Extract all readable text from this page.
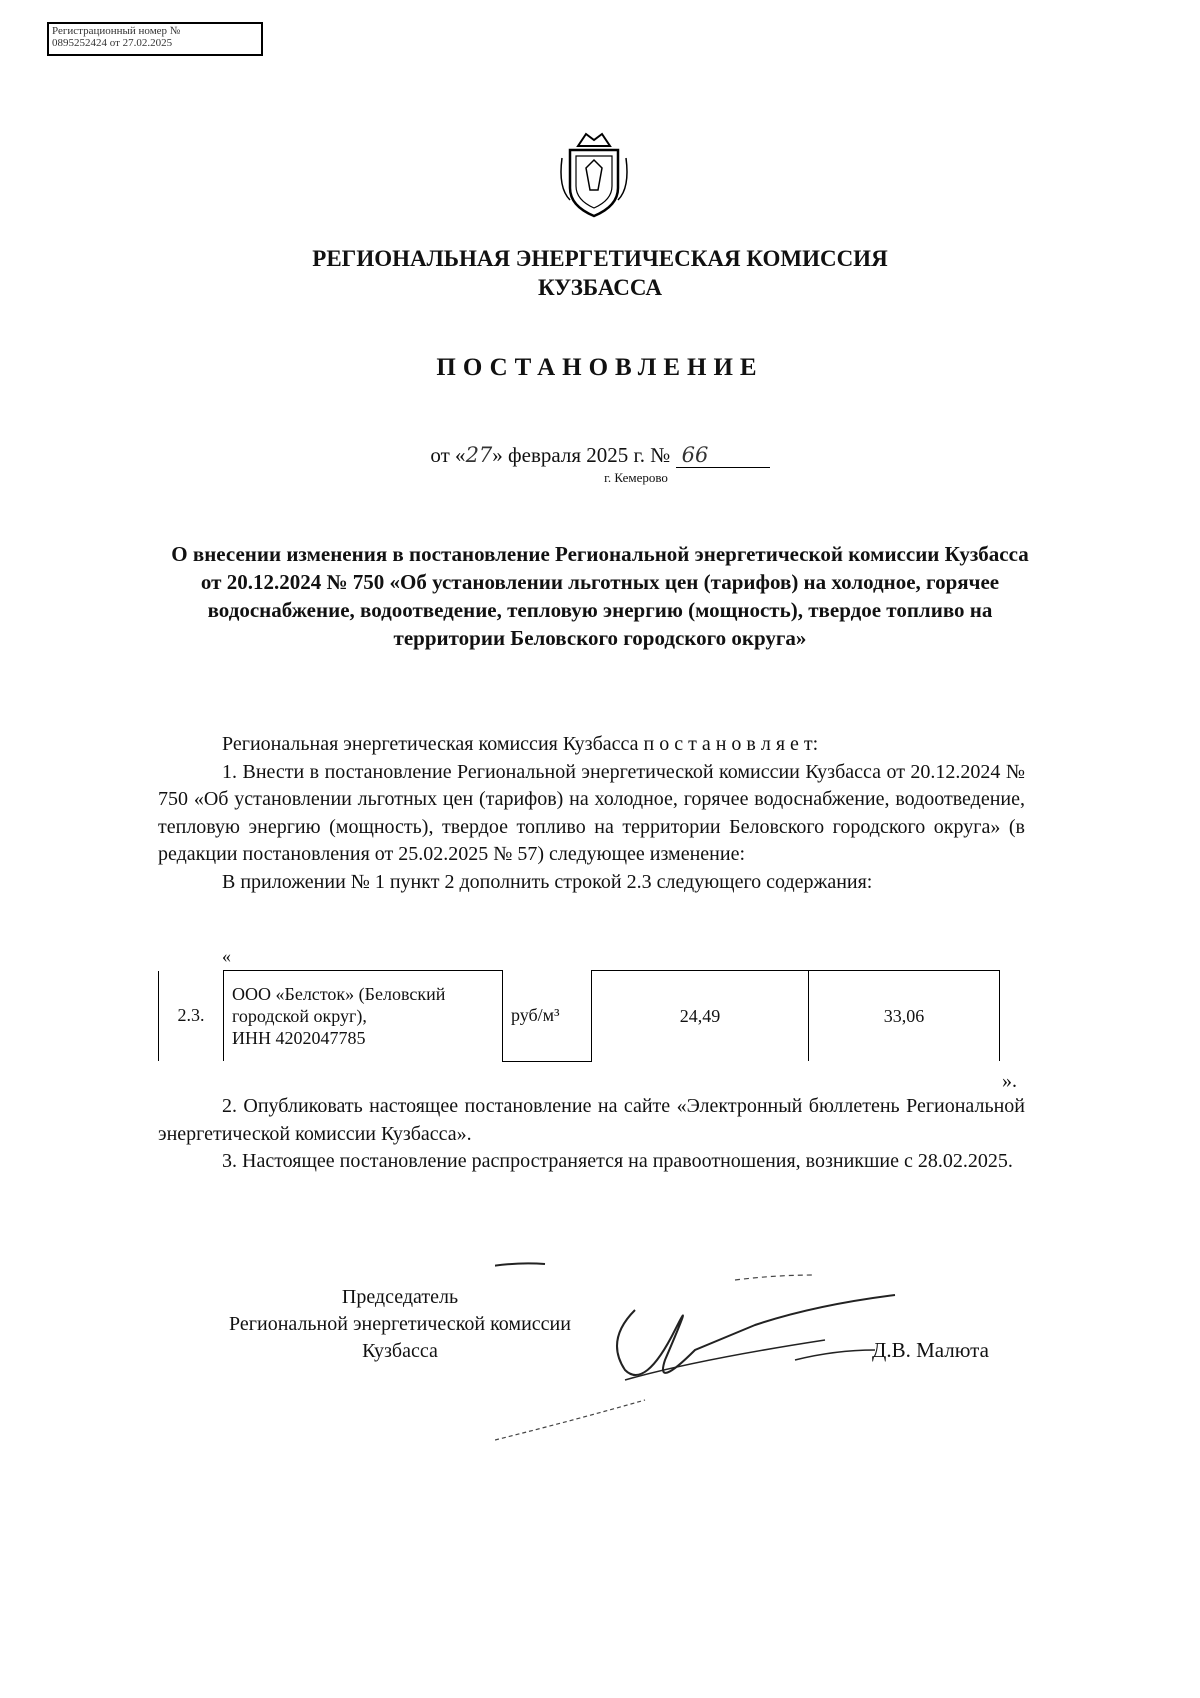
Регистрационный номер №
0895252424 от 27.02.2025
РЕГИОНАЛЬНАЯ ЭНЕРГЕТИЧЕСКАЯ КОМИССИЯ
КУЗБАССА
ПОСТАНОВЛЕНИЕ
от «27» февраля 2025 г. № 66
г. Кемерово
О внесении изменения в постановление Региональной энергетической комиссии Кузбасса от 20.12.2024 № 750 «Об установлении льготных цен (тарифов) на холодное, горячее водоснабжение, водоотведение, тепловую энергию (мощность), твердое топливо на территории Беловского городского округа»

Региональная энергетическая комиссия Кузбасса п о с т а н о в л я е т:

1. Внести в постановление Региональной энергетической комиссии Кузбасса от 20.12.2024 № 750 «Об установлении льготных цен (тарифов) на холодное, горячее водоснабжение, водоотведение, тепловую энергию (мощность), твердое топливо на территории Беловского городского округа» (в редакции постановления от 25.02.2025 № 57) следующее изменение:

В приложении № 1 пункт 2 дополнить строкой 2.3 следующего содержания:

«
2.3.	
ООО «Белсток» (Беловский
городской округ),
ИНН 4202047785
	руб/м³	24,49	33,06
».

2. Опубликовать настоящее постановление на сайте «Электронный бюллетень Региональной энергетической комиссии Кузбасса».

3. Настоящее постановление распространяется на правоотношения, возникшие с 28.02.2025.

Председатель
Региональной энергетической комиссии
Кузбасса	Д.В. Малюта
